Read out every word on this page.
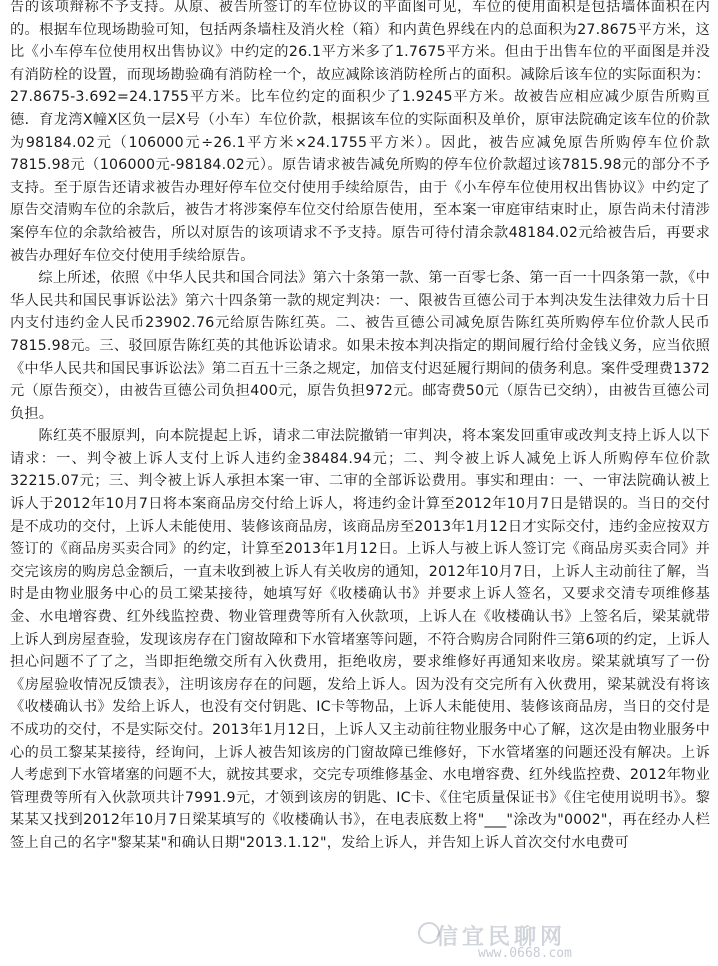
告的该项辩称不予支持。从原、被告所签订的车位协议的平面图可见，车位的使用面积是包括墙体面积在内的。根据车位现场勘验可知，包括两条墙柱及消火栓（箱）和内黄色界线在内的总面积为27.8675平方米，这比《小车停车位使用权出售协议》中约定的26.1平方米多了1.7675平方米。但由于出售车位的平面图是并没有消防栓的设置，而现场勘验确有消防栓一个，故应减除该消防栓所占的面积。减除后该车位的实际面积为：27.8675-3.692=24.1755平方米。比车位约定的面积少了1.9245平方米。故被告应相应减少原告所购亘德．育龙湾X幢X区负一层X号（小车）车位价款，根据该车位的实际面积及单价，原审法院确定该车位的价款为98184.02元（106000元÷26.1平方米×24.1755平方米）。因此，被告应减免原告所购停车位价款7815.98元（106000元-98184.02元）。原告请求被告减免所购的停车位价款超过该7815.98元的部分不予支持。至于原告还请求被告办理好停车位交付使用手续给原告，由于《小车停车位使用权出售协议》中约定了原告交清购车位的余款后，被告才将涉案停车位交付给原告使用，至本案一审庭审结束时止，原告尚未付清涉案停车位的余款给被告，所以对原告的该项请求不予支持。原告可待付清余款48184.02元给被告后，再要求被告办理好车位交付使用手续给原告。

综上所述，依照《中华人民共和国合同法》第六十条第一款、第一百零七条、第一百一十四条第一款，《中华人民共和国民事诉讼法》第六十四条第一款的规定判决：一、限被告亘德公司于本判决发生法律效力后十日内支付违约金人民币23902.76元给原告陈红英。二、被告亘德公司减免原告陈红英所购停车位价款人民币7815.98元。三、驳回原告陈红英的其他诉讼请求。如果未按本判决指定的期间履行给付金钱义务，应当依照《中华人民共和国民事诉讼法》第二百五十三条之规定，加倍支付迟延履行期间的债务利息。案件受理费1372元（原告预交），由被告亘德公司负担400元，原告负担972元。邮寄费50元（原告已交纳），由被告亘德公司负担。

陈红英不服原判，向本院提起上诉，请求二审法院撤销一审判决，将本案发回重审或改判支持上诉人以下请求：一、判令被上诉人支付上诉人违约金38484.94元；二、判令被上诉人减免上诉人所购停车位价款32215.07元；三、判令被上诉人承担本案一审、二审的全部诉讼费用。事实和理由：一、一审法院确认被上诉人于2012年10月7日将本案商品房交付给上诉人，将违约金计算至2012年10月7日是错误的。当日的交付是不成功的交付，上诉人未能使用、装修该商品房，该商品房至2013年1月12日才实际交付，违约金应按双方签订的《商品房买卖合同》的约定，计算至2013年1月12日。上诉人与被上诉人签订完《商品房买卖合同》并交完该房的购房总金额后，一直未收到被上诉人有关收房的通知，2012年10月7日，上诉人主动前往了解，当时是由物业服务中心的员工梁某接待，她填写好《收楼确认书》并要求上诉人签名，又要求交清专项维修基金、水电增容费、红外线监控费、物业管理费等所有入伙款项，上诉人在《收楼确认书》上签名后，梁某就带上诉人到房屋查验，发现该房存在门窗故障和下水管堵塞等问题，不符合购房合同附件三第6项的约定，上诉人担心问题不了了之，当即拒绝缴交所有入伙费用，拒绝收房，要求维修好再通知来收房。梁某就填写了一份《房屋验收情况反馈表》，注明该房存在的问题，发给上诉人。因为没有交完所有入伙费用，梁某就没有将该《收楼确认书》发给上诉人，也没有交付钥匙、IC卡等物品，上诉人未能使用、装修该商品房，当日的交付是不成功的交付，不是实际交付。2013年1月12日，上诉人又主动前往物业服务中心了解，这次是由物业服务中心的员工黎某某接待，经询问，上诉人被告知该房的门窗故障已维修好，下水管堵塞的问题还没有解决。上诉人考虑到下水管堵塞的问题不大，就按其要求，交完专项维修基金、水电增容费、红外线监控费、2012年物业管理费等所有入伙款项共计7991.9元，才领到该房的钥匙、IC卡、《住宅质量保证书》《住宅使用说明书》。黎某某又找到2012年10月7日梁某填写的《收楼确认书》，在电表底数上将"___"涂改为"0002"，再在经办人栏签上自己的名字"黎某某"和确认日期"2013.1.12"，发给上诉人，并告知上诉人首次交付水电费可

信宜民聊网
www.0668.com
